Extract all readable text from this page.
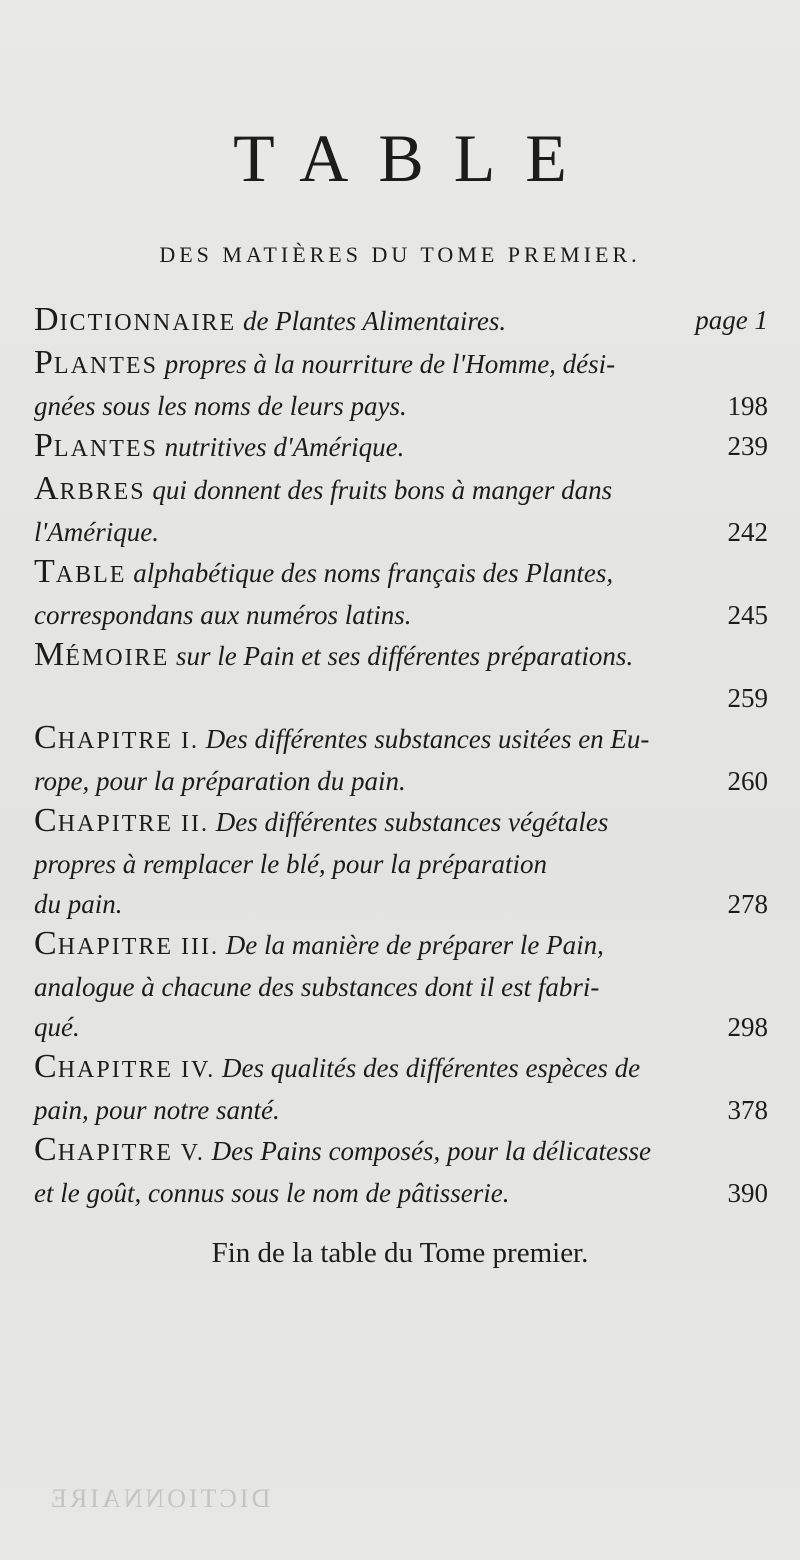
TABLE
DES MATIÈRES DU TOME PREMIER.
page 1
DICTIONNAIRE de Plantes Alimentaires.
PLANTES propres à la nourriture de l'Homme, dési-
198
gnées sous les noms de leurs pays.
239
PLANTES nutritives d'Amérique.
ARBRES qui donnent des fruits bons à manger dans
242
l'Amérique.
TABLE alphabétique des noms français des Plantes,
245
correspondans aux numéros latins.
MÉMOIRE sur le Pain et ses différentes préparations.
259

CHAPITRE I. Des différentes substances usitées en Eu-
260
rope, pour la préparation du pain.
CHAPITRE II. Des différentes substances végétales
propres à remplacer le blé, pour la préparation
278
du pain.
CHAPITRE III. De la manière de préparer le Pain,
analogue à chacune des substances dont il est fabri-
298
qué.
CHAPITRE IV. Des qualités des différentes espèces de
378
pain, pour notre santé.
CHAPITRE V. Des Pains composés, pour la délicatesse
390
et le goût, connus sous le nom de pâtisserie.
Fin de la table du Tome premier.
DICTIONNAIRE
